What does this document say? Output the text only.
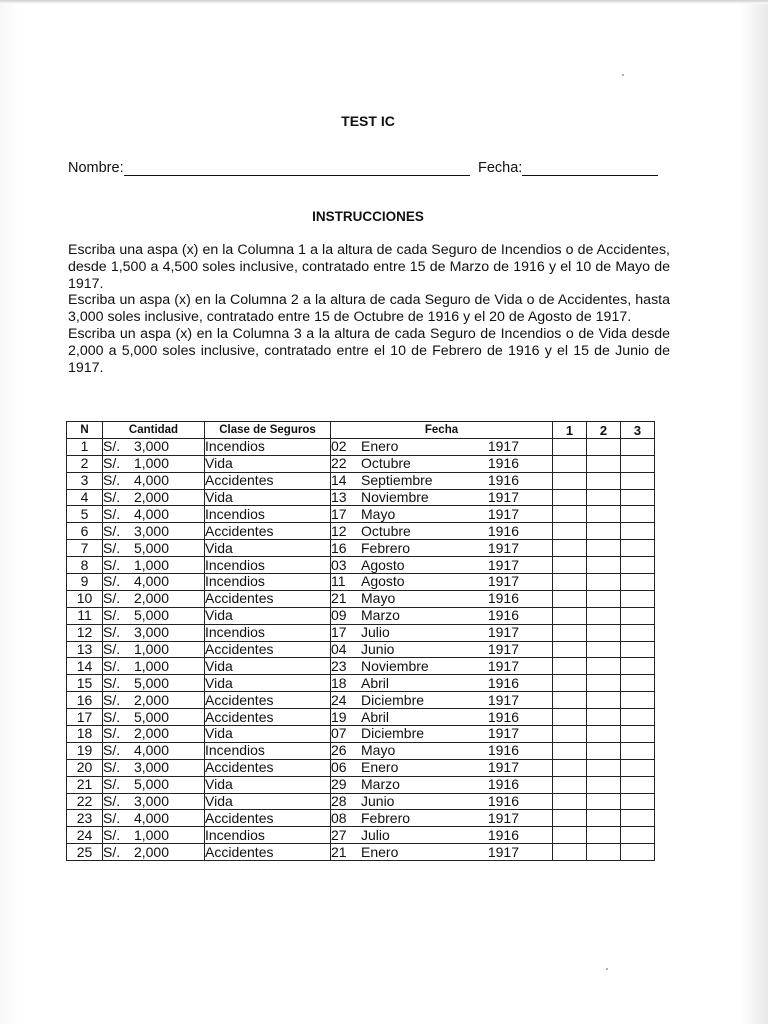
TEST IC
Nombre:	Fecha:
INSTRUCCIONES

Escriba una aspa (x) en la Columna 1 a la altura de cada Seguro de Incendios o de Accidentes, desde 1,500 a 4,500 soles inclusive, contratado entre 15 de Marzo de 1916 y el 10 de Mayo de 1917.

Escriba un aspa (x) en la Columna 2 a la altura de cada Seguro de Vida o de Accidentes, hasta 3,000 soles inclusive, contratado entre 15 de Octubre de 1916 y el 20 de Agosto de 1917.

Escriba un aspa (x) en la Columna 3 a la altura de cada Seguro de Incendios o de Vida desde 2,000 a 5,000 soles inclusive, contratado entre el 10 de Febrero de 1916 y el 15 de Junio de 1917.

N	Cantidad	Clase de Seguros	Fecha	1	2	3
1	S/. 3,000	Incendios	02 Enero 1917			
2	S/. 1,000	Vida	22 Octubre 1916			
3	S/. 4,000	Accidentes	14 Septiembre 1916			
4	S/. 2,000	Vida	13 Noviembre 1917			
5	S/. 4,000	Incendios	17 Mayo 1917			
6	S/. 3,000	Accidentes	12 Octubre 1916			
7	S/. 5,000	Vida	16 Febrero 1917			
8	S/. 1,000	Incendios	03 Agosto 1917			
9	S/. 4,000	Incendios	11 Agosto 1917			
10	S/. 2,000	Accidentes	21 Mayo 1916			
11	S/. 5,000	Vida	09 Marzo 1916			
12	S/. 3,000	Incendios	17 Julio 1917			
13	S/. 1,000	Accidentes	04 Junio 1917			
14	S/. 1,000	Vida	23 Noviembre 1917			
15	S/. 5,000	Vida	18 Abril 1916			
16	S/. 2,000	Accidentes	24 Diciembre 1917			
17	S/. 5,000	Accidentes	19 Abril 1916			
18	S/. 2,000	Vida	07 Diciembre 1917			
19	S/. 4,000	Incendios	26 Mayo 1916			
20	S/. 3,000	Accidentes	06 Enero 1917			
21	S/. 5,000	Vida	29 Marzo 1916			
22	S/. 3,000	Vida	28 Junio 1916			
23	S/. 4,000	Accidentes	08 Febrero 1917			
24	S/. 1,000	Incendios	27 Julio 1916			
25	S/. 2,000	Accidentes	21 Enero 1917			
